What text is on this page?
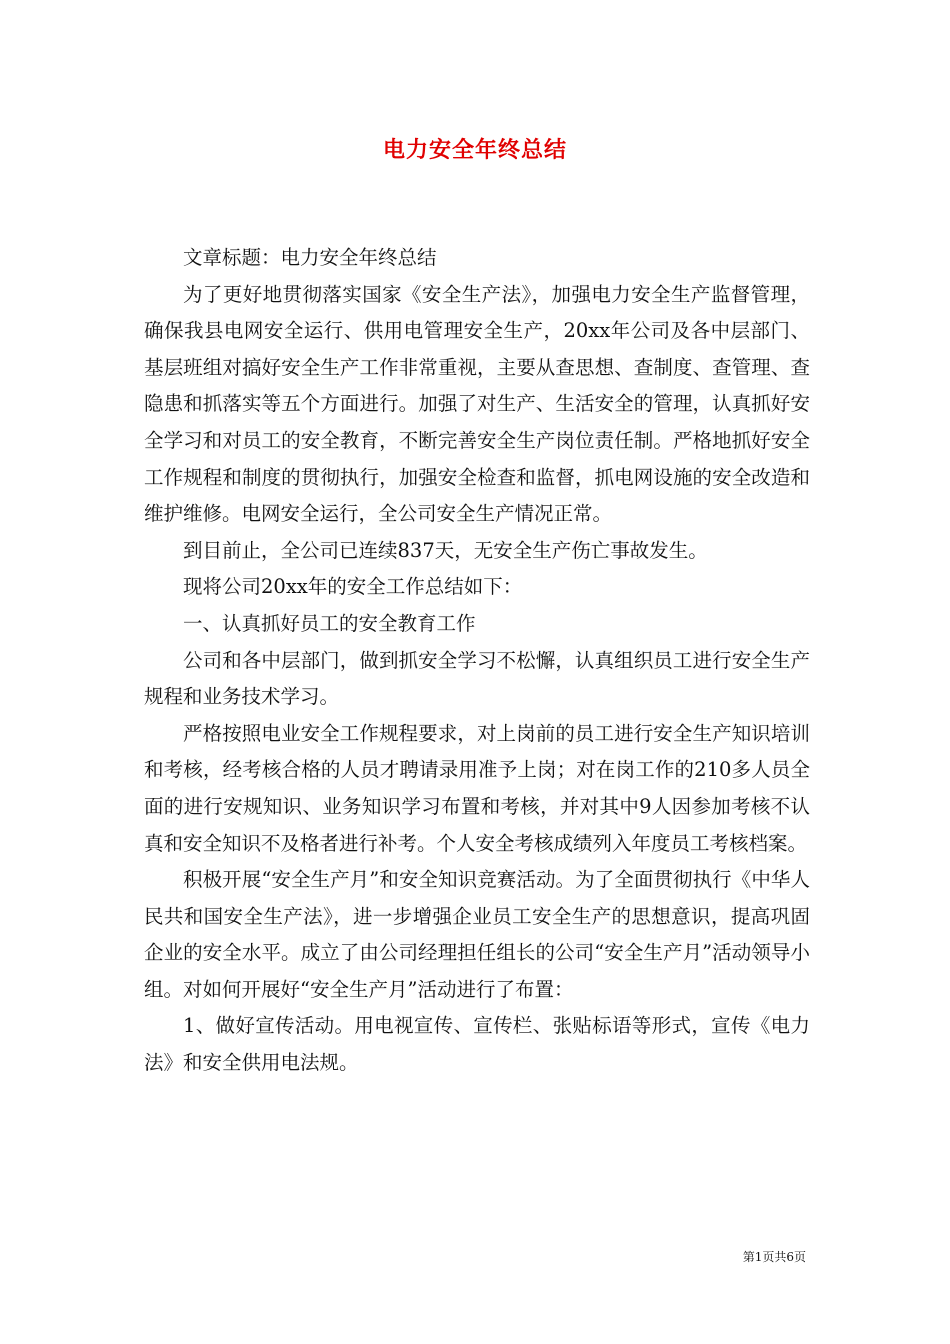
电力安全年终总结

文章标题：电力安全年终总结

为了更好地贯彻落实国家《安全生产法》，加强电力安全生产监督管理，确保我县电网安全运行、供用电管理安全生产，20xx年公司及各中层部门、基层班组对搞好安全生产工作非常重视，主要从查思想、查制度、查管理、查隐患和抓落实等五个方面进行。加强了对生产、生活安全的管理，认真抓好安全学习和对员工的安全教育，不断完善安全生产岗位责任制。严格地抓好安全工作规程和制度的贯彻执行，加强安全检查和监督，抓电网设施的安全改造和维护维修。电网安全运行，全公司安全生产情况正常。

到目前止，全公司已连续837天，无安全生产伤亡事故发生。

现将公司20xx年的安全工作总结如下：

一、认真抓好员工的安全教育工作

公司和各中层部门，做到抓安全学习不松懈，认真组织员工进行安全生产规程和业务技术学习。

严格按照电业安全工作规程要求，对上岗前的员工进行安全生产知识培训和考核，经考核合格的人员才聘请录用准予上岗；对在岗工作的210多人员全面的进行安规知识、业务知识学习布置和考核，并对其中9人因参加考核不认真和安全知识不及格者进行补考。个人安全考核成绩列入年度员工考核档案。

积极开展“安全生产月”和安全知识竞赛活动。为了全面贯彻执行《中华人民共和国安全生产法》，进一步增强企业员工安全生产的思想意识，提高巩固企业的安全水平。成立了由公司经理担任组长的公司“安全生产月”活动领导小组。对如何开展好“安全生产月”活动进行了布置：

1、做好宣传活动。用电视宣传、宣传栏、张贴标语等形式，宣传《电力法》和安全供用电法规。

第1页共6页
